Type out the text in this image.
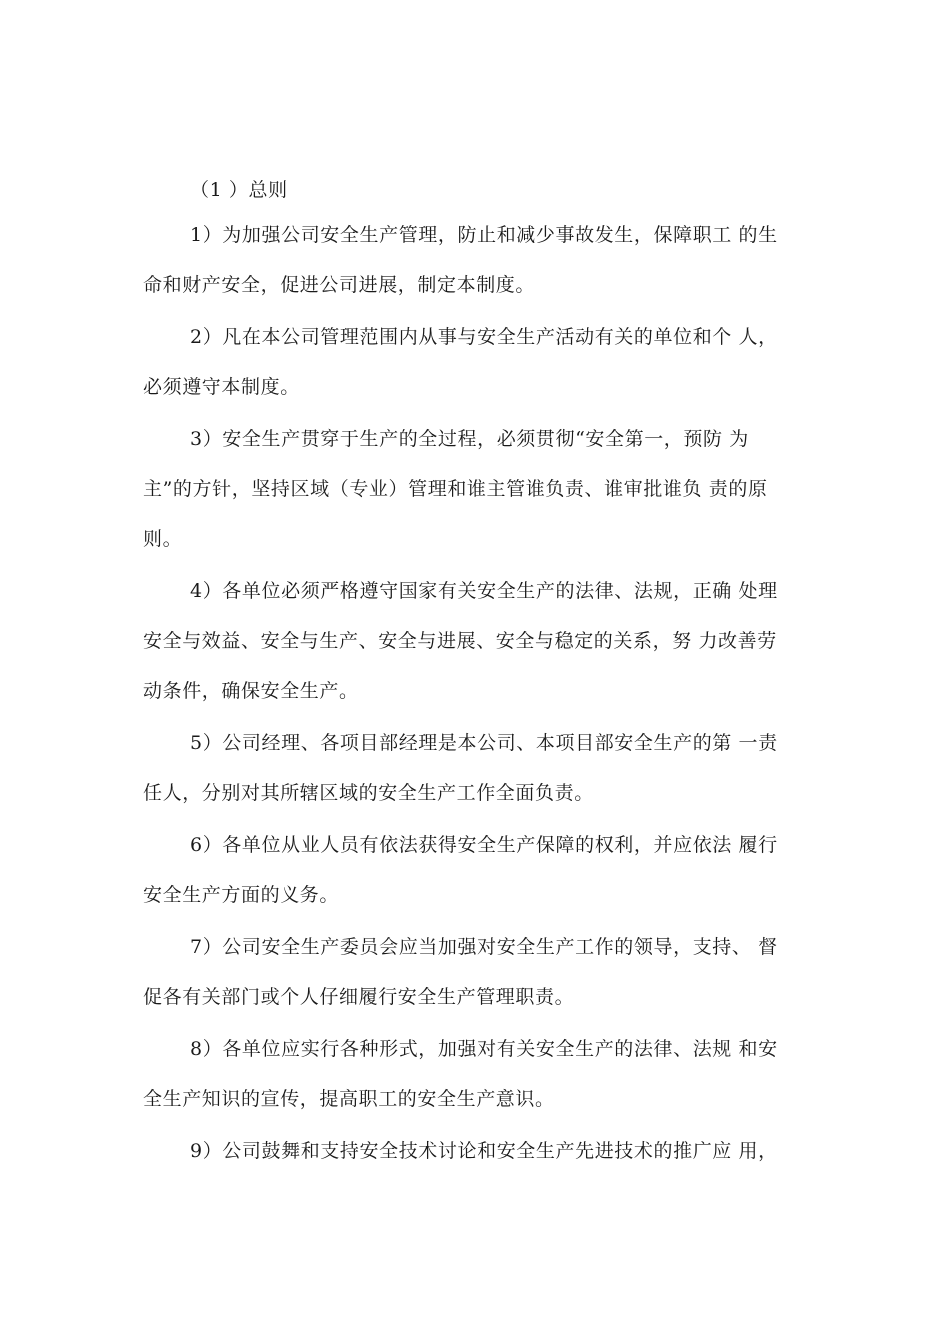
（1 ）总则
1）为加强公司安全生产管理，防止和减少事故发生，保障职工 的生
命和财产安全，促进公司进展，制定本制度。
2）凡在本公司管理范围内从事与安全生产活动有关的单位和个 人，
必须遵守本制度。
3）安全生产贯穿于生产的全过程，必须贯彻“安全第一，预防 为
主”的方针，坚持区域（专业）管理和谁主管谁负责、谁审批谁负 责的原
则。
4）各单位必须严格遵守国家有关安全生产的法律、法规，正确 处理
安全与效益、安全与生产、安全与进展、安全与稳定的关系，努 力改善劳
动条件，确保安全生产。
5）公司经理、各项目部经理是本公司、本项目部安全生产的第 一责
任人，分别对其所辖区域的安全生产工作全面负责。
6）各单位从业人员有依法获得安全生产保障的权利，并应依法 履行
安全生产方面的义务。
7）公司安全生产委员会应当加强对安全生产工作的领导，支持、 督
促各有关部门或个人仔细履行安全生产管理职责。
8）各单位应实行各种形式，加强对有关安全生产的法律、法规 和安
全生产知识的宣传，提高职工的安全生产意识。
9）公司鼓舞和支持安全技术讨论和安全生产先进技术的推广应 用，
